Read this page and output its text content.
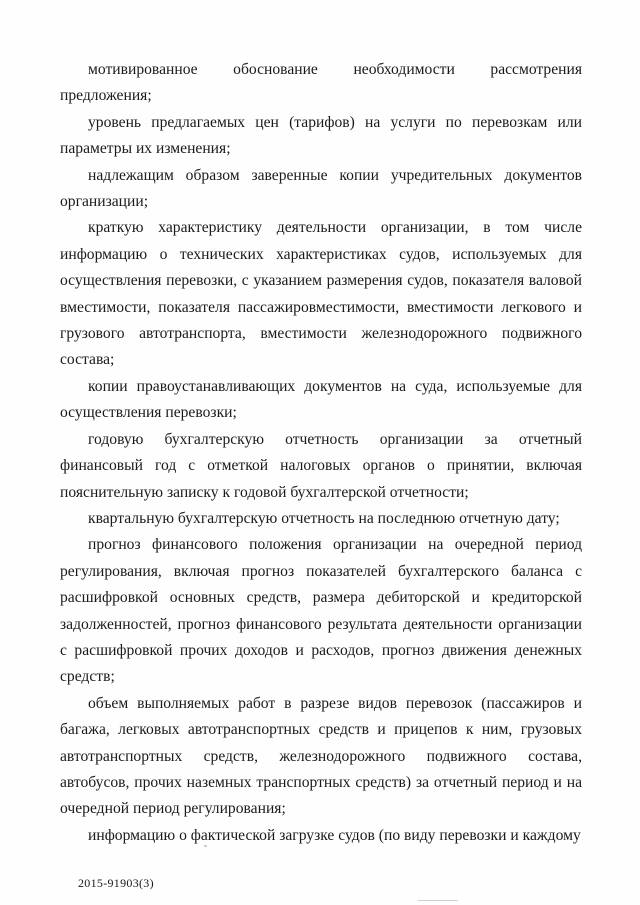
мотивированное обоснование необходимости рассмотрения предложения;

уровень предлагаемых цен (тарифов) на услуги по перевозкам или параметры их изменения;

надлежащим образом заверенные копии учредительных документов организации;

краткую характеристику деятельности организации, в том числе информацию о технических характеристиках судов, используемых для осуществления перевозки, с указанием размерения судов, показателя валовой вместимости, показателя пассажировместимости, вместимости легкового и грузового автотранспорта, вместимости железнодорожного подвижного состава;

копии правоустанавливающих документов на суда, используемые для осуществления перевозки;

годовую бухгалтерскую отчетность организации за отчетный финансовый год с отметкой налоговых органов о принятии, включая пояснительную записку к годовой бухгалтерской отчетности;

квартальную бухгалтерскую отчетность на последнюю отчетную дату;

прогноз финансового положения организации на очередной период регулирования, включая прогноз показателей бухгалтерского баланса с расшифровкой основных средств, размера дебиторской и кредиторской задолженностей, прогноз финансового результата деятельности организации с расшифровкой прочих доходов и расходов, прогноз движения денежных средств;

объем выполняемых работ в разрезе видов перевозок (пассажиров и багажа, легковых автотранспортных средств и прицепов к ним, грузовых автотранспортных средств, железнодорожного подвижного состава, автобусов, прочих наземных транспортных средств) за отчетный период и на очередной период регулирования;

информацию о фактической загрузке судов (по виду перевозки и каждому

2015-91903(3)
